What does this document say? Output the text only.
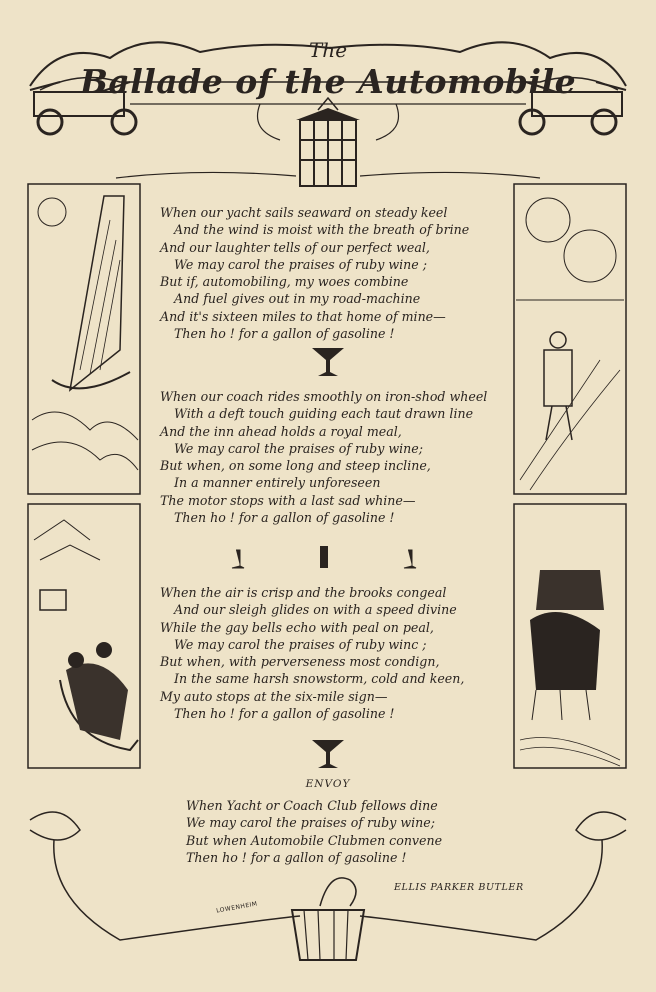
The
Ballade of the Automobile
When our yacht sails seaward on steady keel
And the wind is moist with the breath of brine
And our laughter tells of our perfect weal,
We may carol the praises of ruby wine ;
But if, automobiling, my woes combine
And fuel gives out in my road-machine
And it's sixteen miles to that home of mine—
Then ho ! for a gallon of gasoline !
When our coach rides smoothly on iron-shod wheel
With a deft touch guiding each taut drawn line
And the inn ahead holds a royal meal,
We may carol the praises of ruby wine;
But when, on some long and steep incline,
In a manner entirely unforeseen
The motor stops with a last sad whine—
Then ho ! for a gallon of gasoline !
When the air is crisp and the brooks congeal
And our sleigh glides on with a speed divine
While the gay bells echo with peal on peal,
We may carol the praises of ruby winc ;
But when, with perverseness most condign,
In the same harsh snowstorm, cold and keen,
My auto stops at the six-mile sign—
Then ho ! for a gallon of gasoline !
ENVOY
When Yacht or Coach Club fellows dine
We may carol the praises of ruby wine;
But when Automobile Clubmen convene
Then ho ! for a gallon of gasoline !
ELLIS PARKER BUTLER
LOWENHEIM
